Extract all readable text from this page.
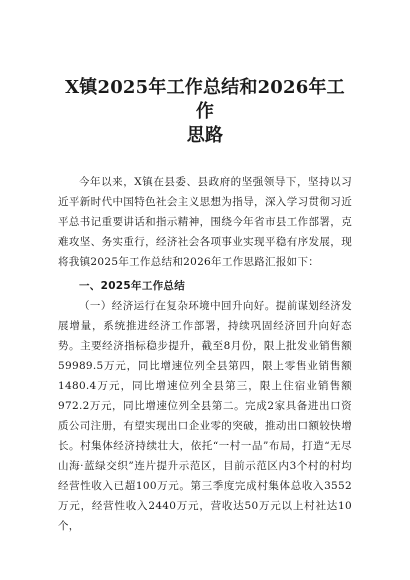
X镇2025年工作总结和2026年工作
思路

今年以来，X镇在县委、县政府的坚强领导下，坚持以习近平新时代中国特色社会主义思想为指导，深入学习贯彻习近平总书记重要讲话和指示精神，围绕今年省市县工作部署，克难攻坚、务实重行，经济社会各项事业实现平稳有序发展，现将我镇2025年工作总结和2026年工作思路汇报如下：

一、2025年工作总结

（一）经济运行在复杂环境中回升向好。提前谋划经济发展增量，系统推进经济工作部署，持续巩固经济回升向好态势。主要经济指标稳步提升，截至8月份，限上批发业销售额59989.5万元，同比增速位列全县第四，限上零售业销售额1480.4万元，同比增速位列全县第三，限上住宿业销售额972.2万元，同比增速位列全县第二。完成2家具备进出口资质公司注册，有望实现出口企业零的突破，推动出口额较快增长。村集体经济持续壮大，依托“一村一品”布局，打造“无尽山海·蓝绿交织”连片提升示范区，目前示范区内3个村的村均经营性收入已超100万元。第三季度完成村集体总收入3552万元，经营性收入2440万元，营收达50万元以上村社达10个，
